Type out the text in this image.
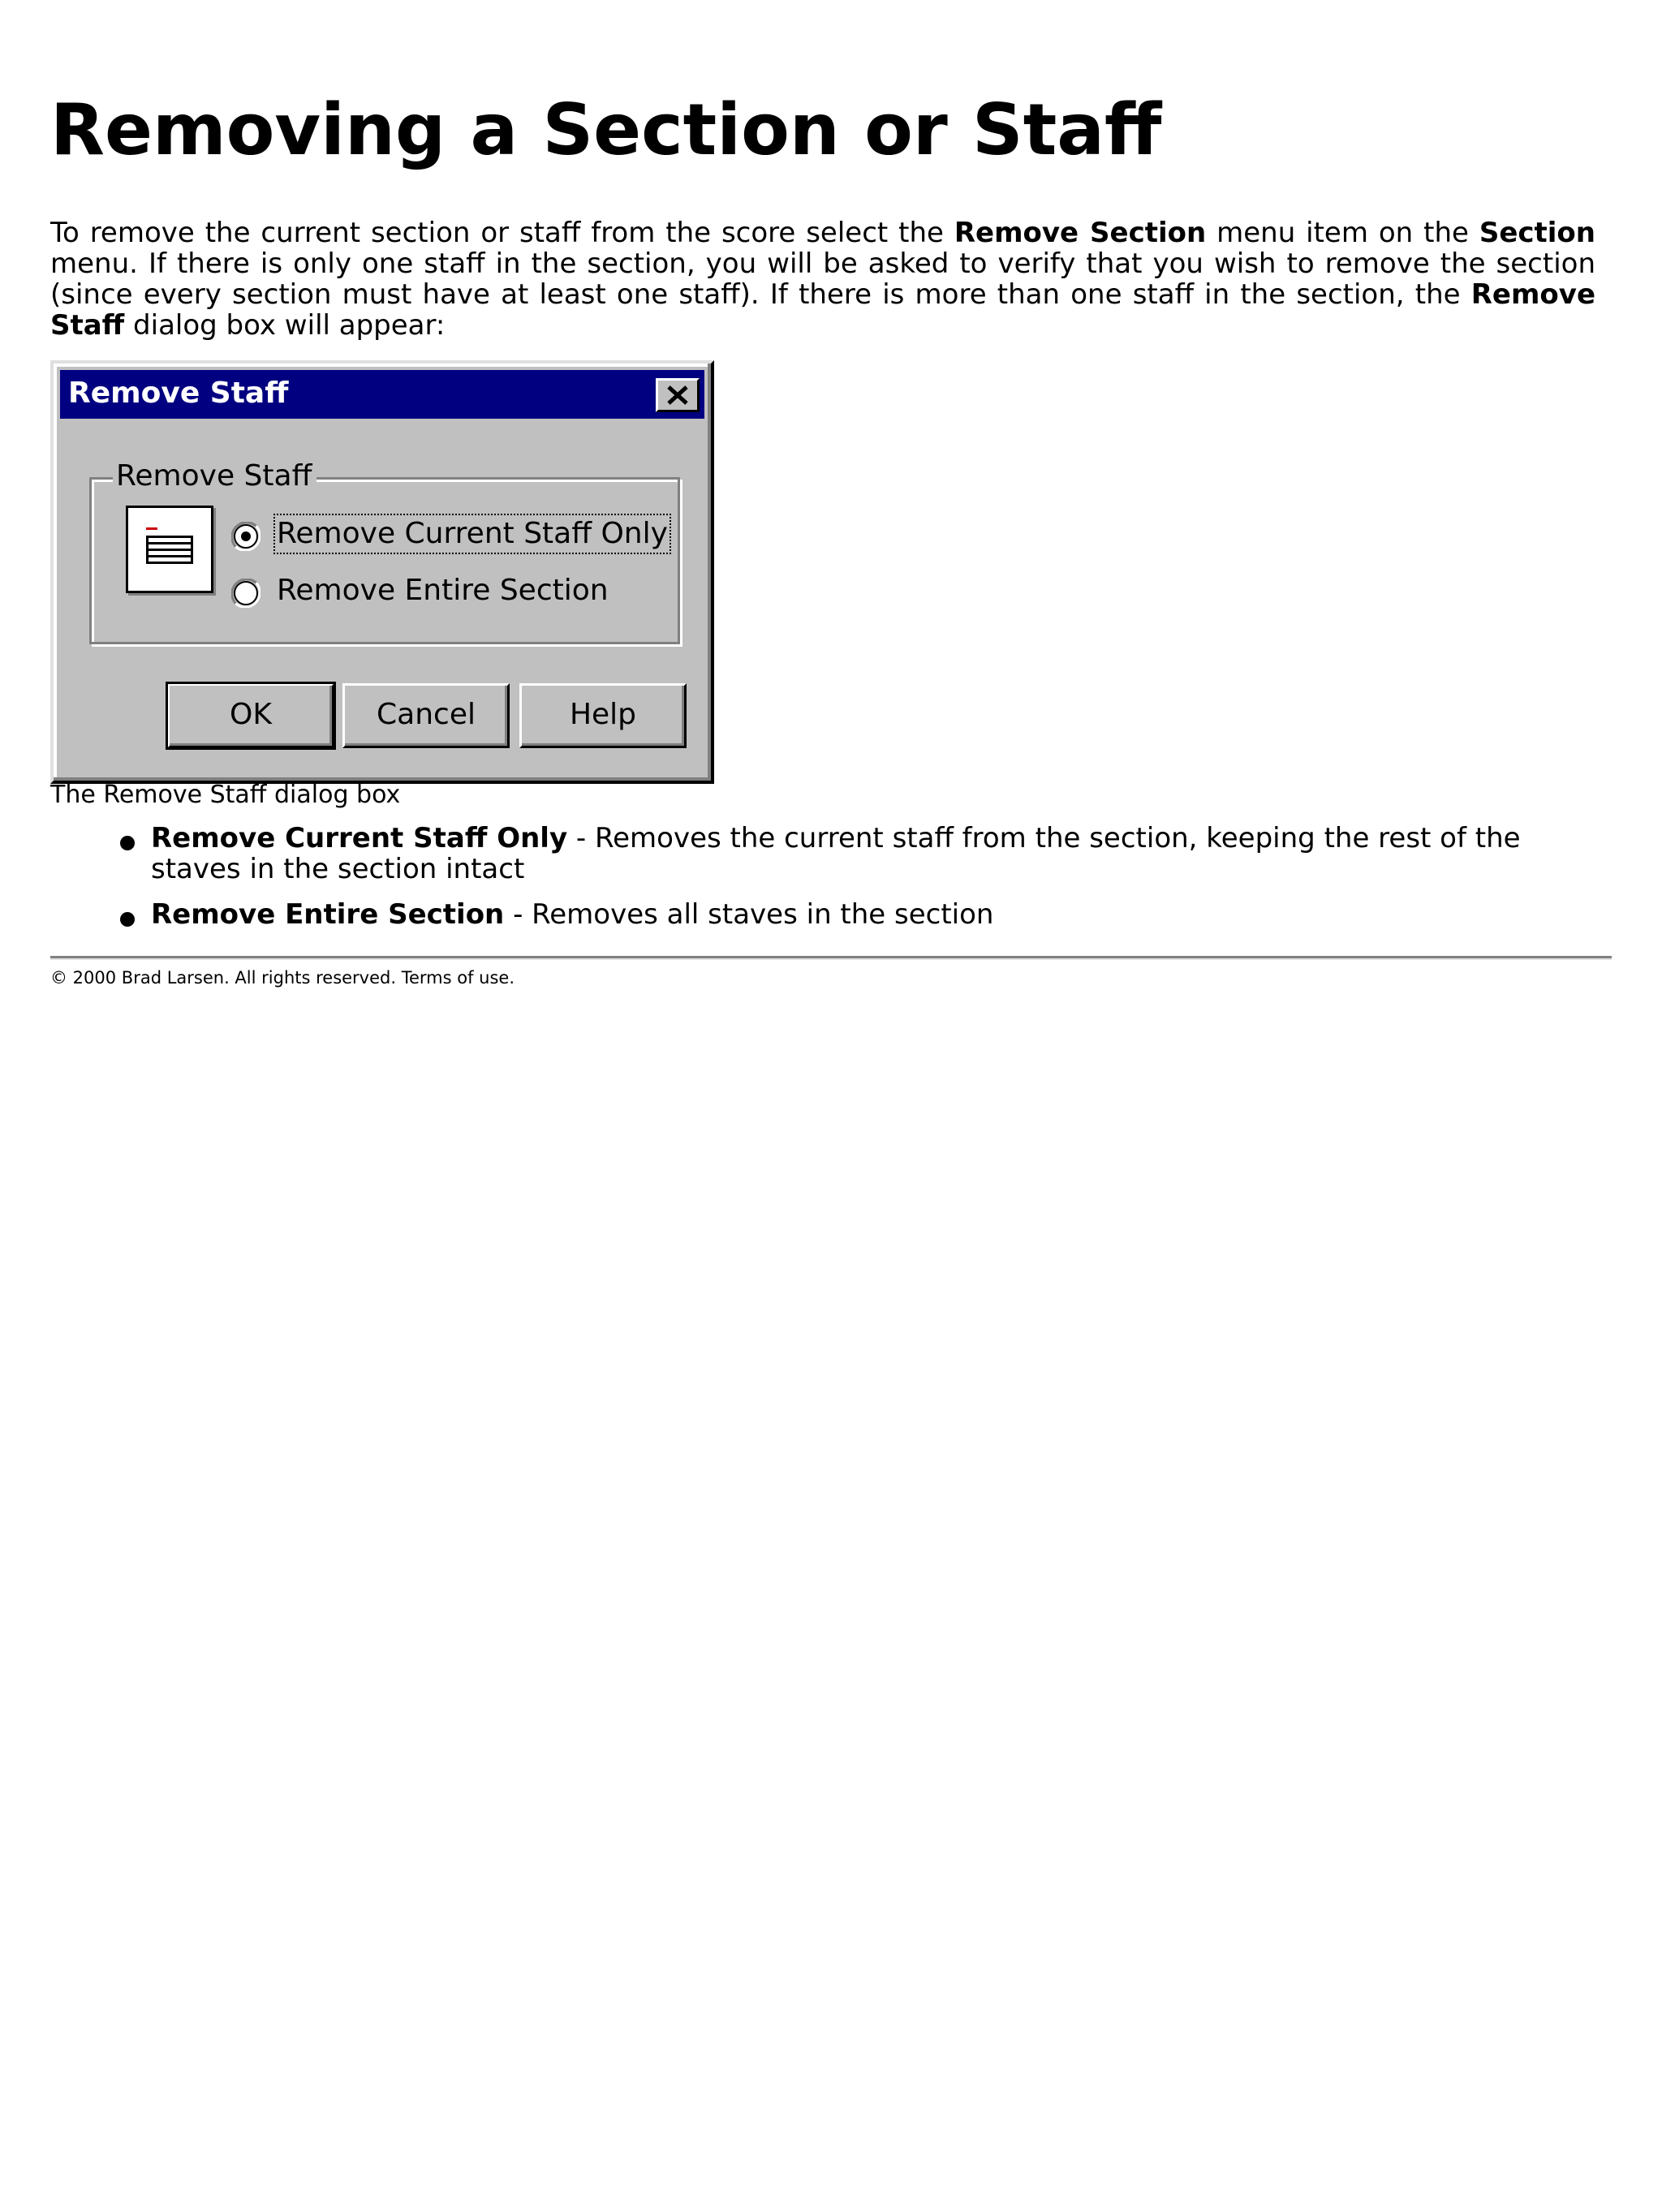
Removing a Section or Staff

To remove the current section or staff from the score select the Remove Section menu item on the Section menu. If there is only one staff in the section, you will be asked to verify that you wish to remove the section (since every section must have at least one staff). If there is more than one staff in the section, the Remove Staff dialog box will appear:

Remove Staff
Remove Staff
Remove Current Staff Only
Remove Entire Section
OK	Cancel	Help

The Remove Staff dialog box

Remove Current Staff Only - Removes the current staff from the section, keeping the rest of the staves in the section intact
Remove Entire Section - Removes all staves in the section

© 2000 Brad Larsen. All rights reserved. Terms of use.
